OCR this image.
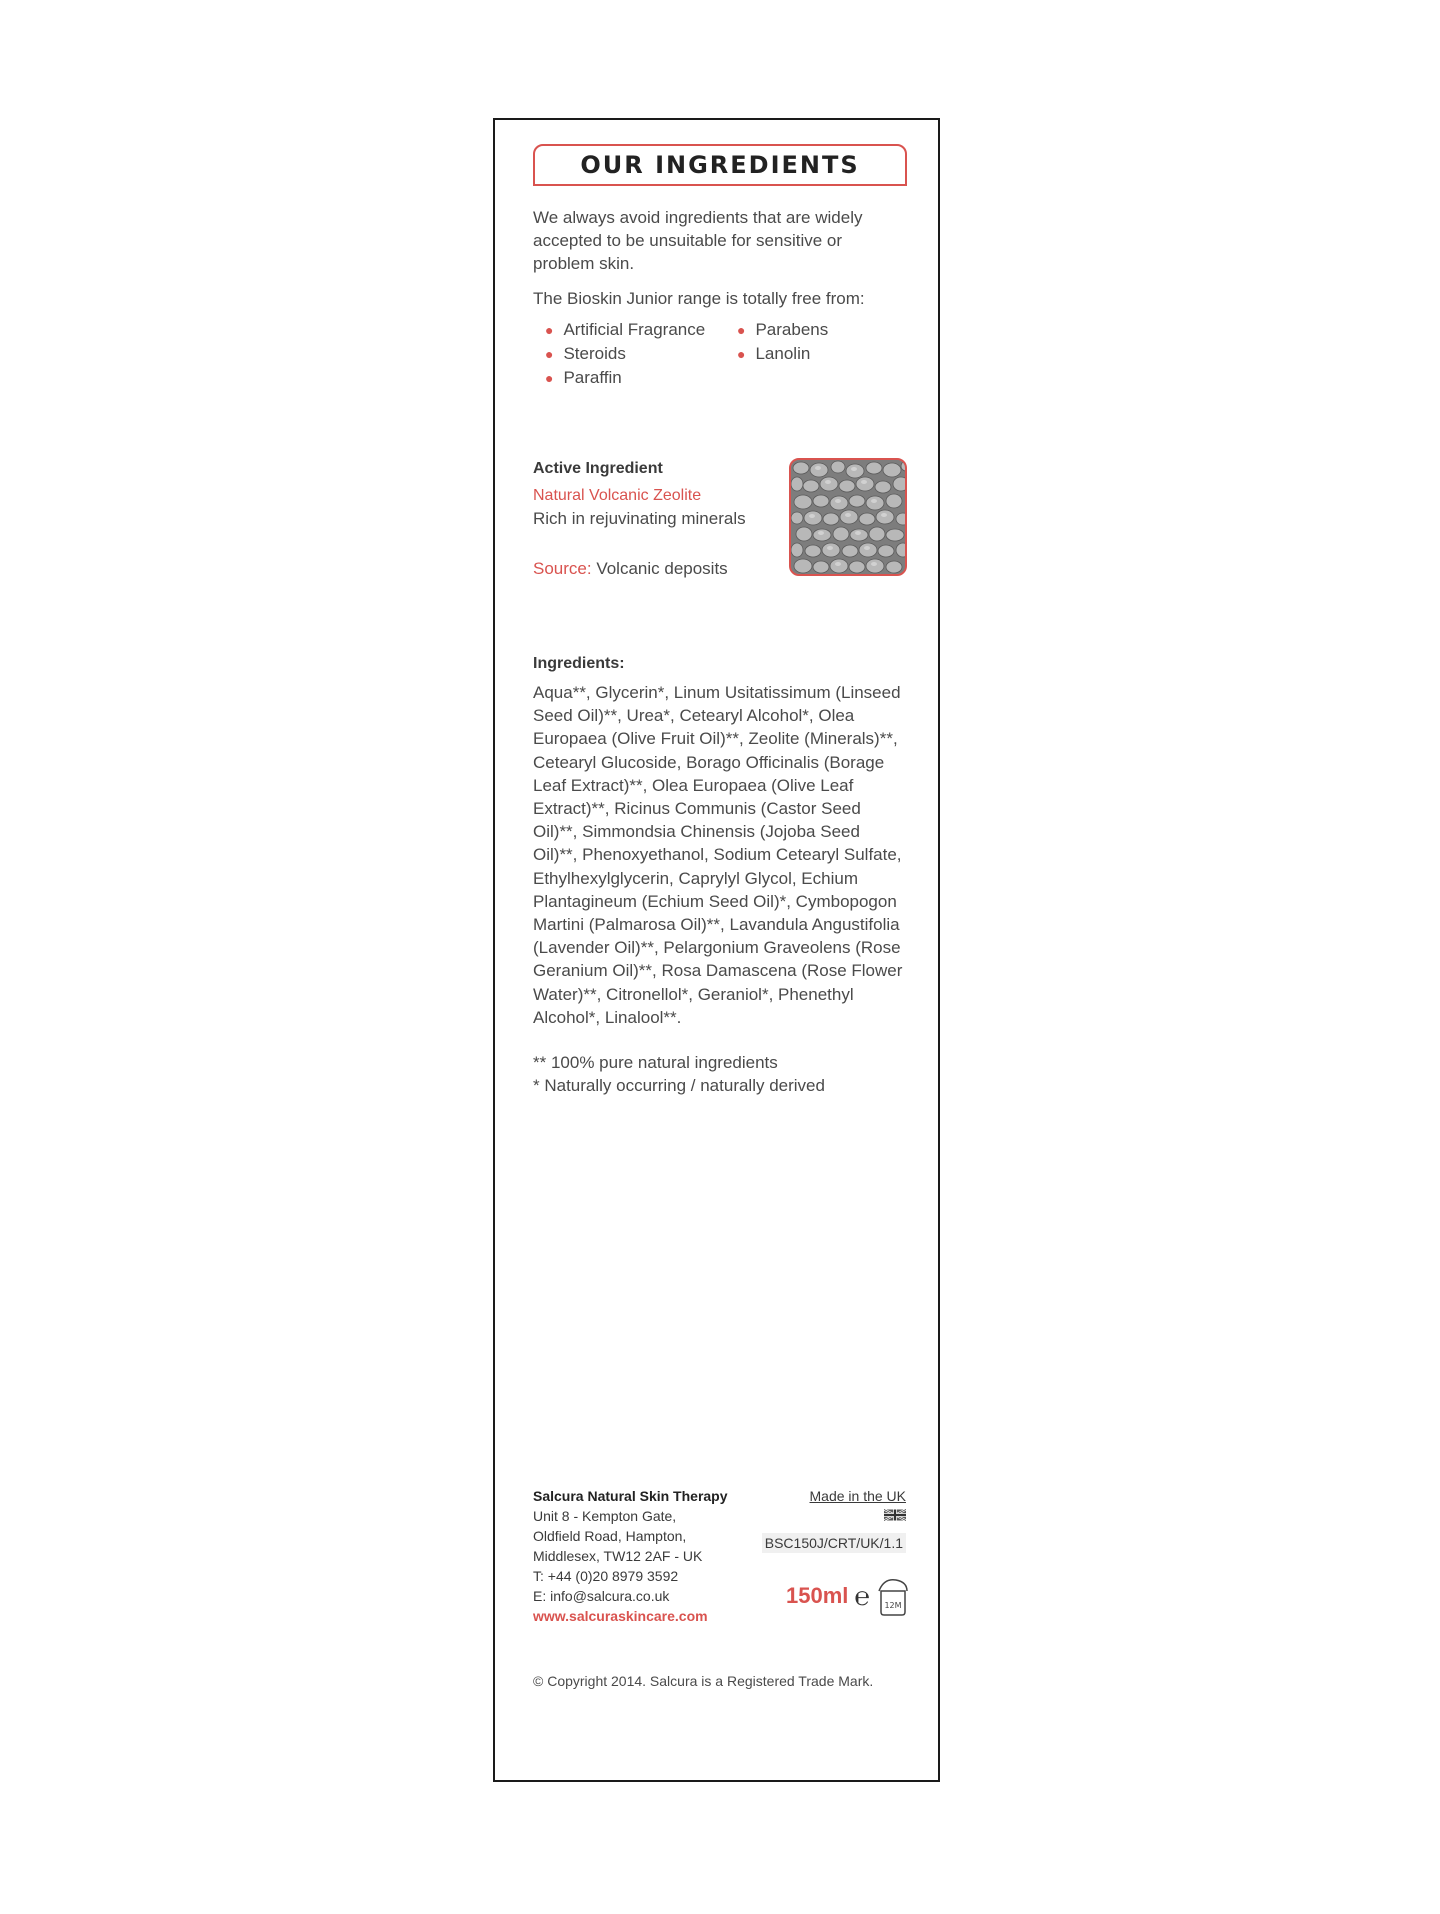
OUR INGREDIENTS
We always avoid ingredients that are widely accepted to be unsuitable for sensitive or problem skin.
The Bioskin Junior range is totally free from:
● Artificial Fragrance
● Steroids
● Paraffin
● Parabens
● Lanolin
Active Ingredient
Natural Volcanic Zeolite
Rich in rejuvinating minerals
Source: Volcanic deposits
Ingredients:
Aqua**, Glycerin*, Linum Usitatissimum (Linseed Seed Oil)**, Urea*, Cetearyl Alcohol*, Olea Europaea (Olive Fruit Oil)**, Zeolite (Minerals)**, Cetearyl Glucoside, Borago Officinalis (Borage Leaf Extract)**, Olea Europaea (Olive Leaf Extract)**, Ricinus Communis (Castor Seed Oil)**, Simmondsia Chinensis (Jojoba Seed Oil)**, Phenoxyethanol, Sodium Cetearyl Sulfate, Ethylhexylglycerin, Caprylyl Glycol, Echium Plantagineum (Echium Seed Oil)*, Cymbopogon Martini (Palmarosa Oil)**, Lavandula Angustifolia (Lavender Oil)**, Pelargonium Graveolens (Rose Geranium Oil)**, Rosa Damascena (Rose Flower Water)**, Citronellol*, Geraniol*, Phenethyl Alcohol*, Linalool**.
** 100% pure natural ingredients
* Naturally occurring / naturally derived
Salcura Natural Skin Therapy
Unit 8 - Kempton Gate,
Oldfield Road, Hampton,
Middlesex, TW12 2AF - UK
T: +44 (0)20 8979 3592
E: info@salcura.co.uk
www.salcuraskincare.com
Made in the UK
BSC150J/CRT/UK/1.1
150ml ℮ 12M
© Copyright 2014. Salcura is a Registered Trade Mark.
